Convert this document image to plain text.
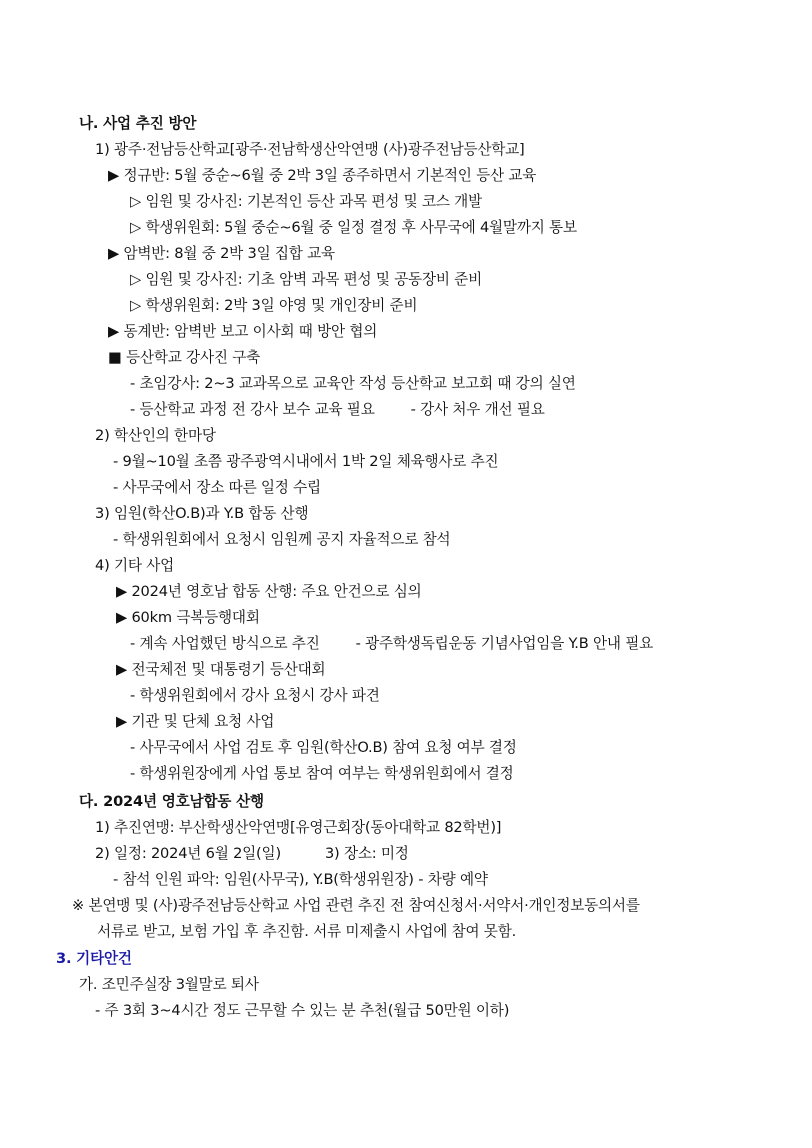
나. 사업 추진 방안
1) 광주·전남등산학교[광주·전남학생산악연맹 (사)광주전남등산학교]
▶ 정규반: 5월 중순~6월 중 2박 3일 종주하면서 기본적인 등산 교육
▷ 임원 및 강사진: 기본적인 등산 과목 편성 및 코스 개발
▷ 학생위원회: 5월 중순~6월 중 일정 결정 후 사무국에 4월말까지 통보
▶ 암벽반: 8월 중 2박 3일 집합 교육
▷ 임원 및 강사진: 기초 암벽 과목 편성 및 공동장비 준비
▷ 학생위원회: 2박 3일 야영 및 개인장비 준비
▶ 동계반: 암벽반 보고 이사회 때 방안 협의
■ 등산학교 강사진 구축
- 초임강사: 2~3 교과목으로 교육안 작성 등산학교 보고회 때 강의 실연
- 등산학교 과정 전 강사 보수 교육 필요 - 강사 처우 개선 필요
2) 학산인의 한마당
- 9월~10월 초쯤 광주광역시내에서 1박 2일 체육행사로 추진
- 사무국에서 장소 따른 일정 수립
3) 임원(학산O.B)과 Y.B 합동 산행
- 학생위원회에서 요청시 임원께 공지 자율적으로 참석
4) 기타 사업
▶ 2024년 영호남 합동 산행: 주요 안건으로 심의
▶ 60km 극복등행대회
- 계속 사업했던 방식으로 추진 - 광주학생독립운동 기념사업임을 Y.B 안내 필요
▶ 전국체전 및 대통령기 등산대회
- 학생위원회에서 강사 요청시 강사 파견
▶ 기관 및 단체 요청 사업
- 사무국에서 사업 검토 후 임원(학산O.B) 참여 요청 여부 결정
- 학생위원장에게 사업 통보 참여 여부는 학생위원회에서 결정
다. 2024년 영호남합동 산행
1) 추진연맹: 부산학생산악연맹[유영근회장(동아대학교 82학번)]
2) 일정: 2024년 6월 2일(일)	3) 장소: 미정
- 참석 인원 파악: 임원(사무국), Y.B(학생위원장) - 차량 예약
※ 본연맹 및 (사)광주전남등산학교 사업 관련 추진 전 참여신청서·서약서·개인정보동의서를
서류로 받고, 보험 가입 후 추진함. 서류 미제출시 사업에 참여 못함.
3. 기타안건
가. 조민주실장 3월말로 퇴사
- 주 3회 3~4시간 정도 근무할 수 있는 분 추천(월급 50만원 이하)
